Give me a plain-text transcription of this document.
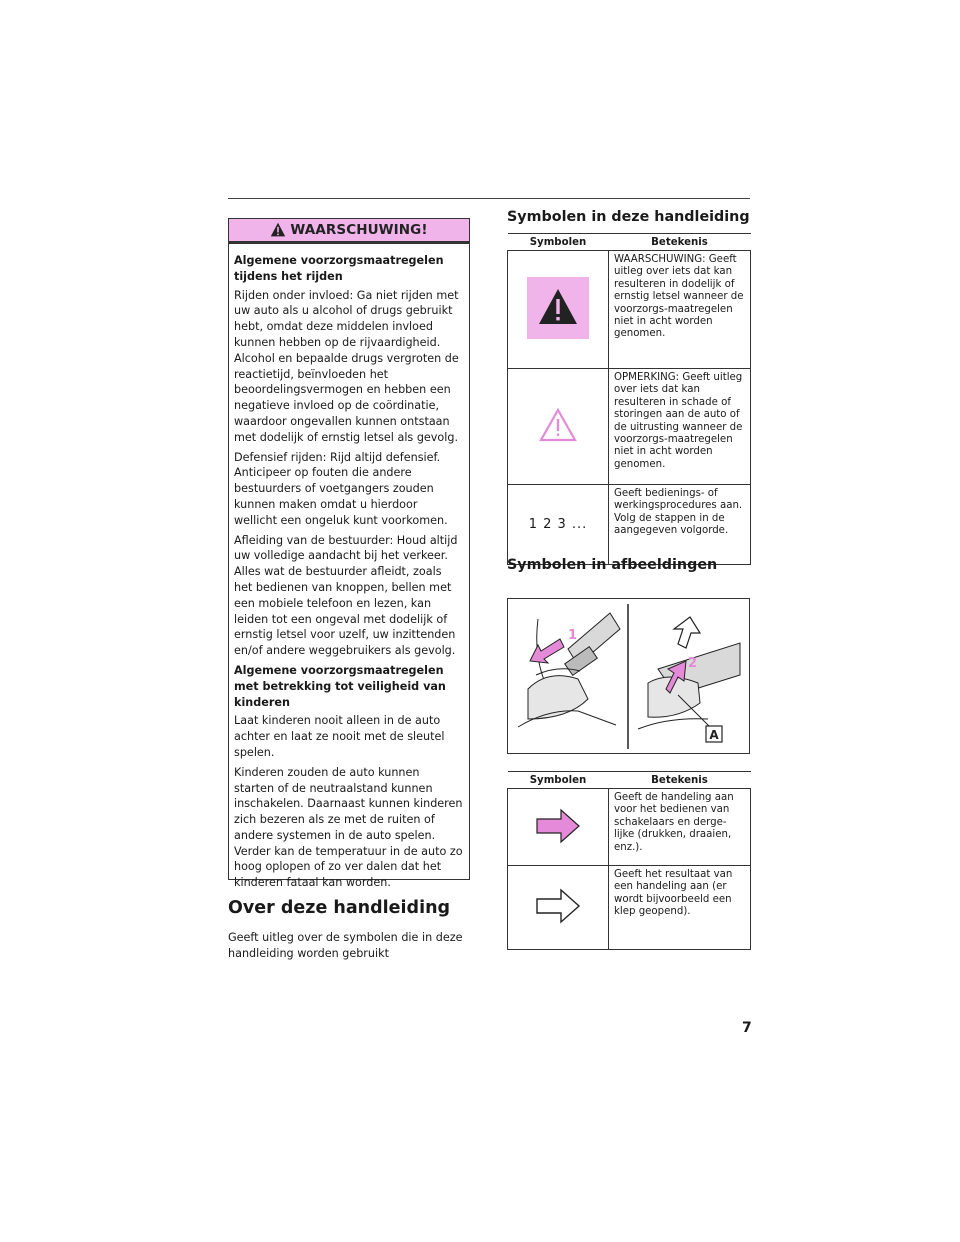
WAARSCHUWING!
Algemene voorzorgsmaatregelen tijdens het rijden

Rijden onder invloed: Ga niet rijden met uw auto als u alcohol of drugs gebruikt hebt, omdat deze middelen invloed kunnen hebben op de rijvaardigheid. Alcohol en bepaalde drugs vergroten de reactietijd, beïnvloeden het beoordelingsvermogen en hebben een negatieve invloed op de coördinatie, waardoor ongevallen kunnen ontstaan met dodelijk of ernstig letsel als gevolg.

Defensief rijden: Rijd altijd defensief. Anticipeer op fouten die andere bestuurders of voetgangers zouden kunnen maken omdat u hierdoor wellicht een ongeluk kunt voorkomen.

Afleiding van de bestuurder: Houd altijd uw volledige aandacht bij het verkeer. Alles wat de bestuurder afleidt, zoals het bedienen van knoppen, bellen met een mobiele telefoon en lezen, kan leiden tot een ongeval met dodelijk of ernstig letsel voor uzelf, uw inzittenden en/of andere weggebruikers als gevolg.

Algemene voorzorgsmaatregelen met betrekking tot veiligheid van kinderen

Laat kinderen nooit alleen in de auto achter en laat ze nooit met de sleutel spelen.

Kinderen zouden de auto kunnen starten of de neutraalstand kunnen inschakelen. Daarnaast kunnen kinderen zich bezeren als ze met de ruiten of andere systemen in de auto spelen. Verder kan de temperatuur in de auto zo hoog oplopen of zo ver dalen dat het kinderen fataal kan worden.

Over deze handleiding
Geeft uitleg over de symbolen die in deze handleiding worden gebruikt
Symbolen in deze handleiding
Symbolen	Betekenis
	WAARSCHUWING: Geeft uitleg over iets dat kan resulteren in dodelijk of ernstig letsel wanneer de voorzorgs-maatregelen niet in acht worden genomen.
	OPMERKING: Geeft uitleg over iets dat kan resulteren in schade of storingen aan de auto of de uitrusting wanneer de voorzorgs-maatregelen niet in acht worden genomen.
1 2 3 ...	Geeft bedienings- of werkingsprocedures aan. Volg de stappen in de aangegeven volgorde.
Symbolen in afbeeldingen
1
2
A
Symbolen	Betekenis
	Geeft de handeling aan voor het bedienen van schakelaars en derge-lijke (drukken, draaien, enz.).
	Geeft het resultaat van een handeling aan (er wordt bijvoorbeeld een klep geopend).
7
